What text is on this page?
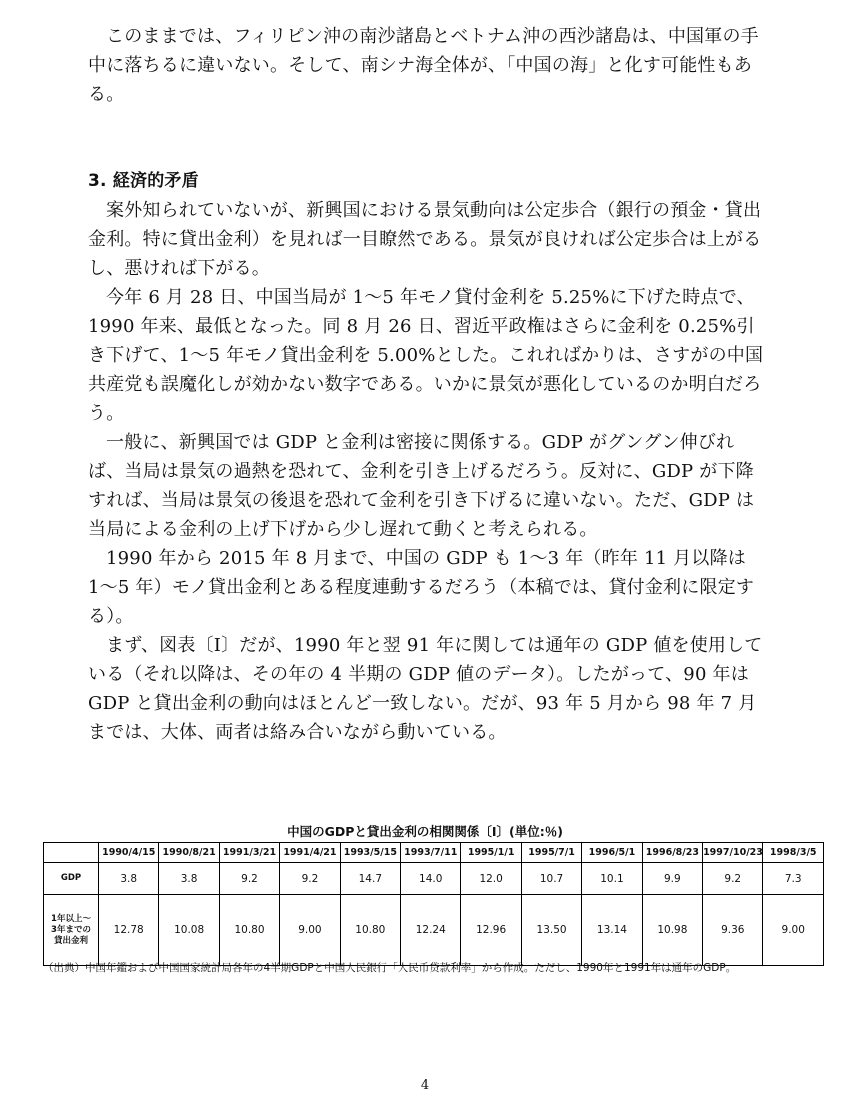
このままでは、フィリピン沖の南沙諸島とベトナム沖の西沙諸島は、中国軍の手中に落ちるに違いない。そして、南シナ海全体が、「中国の海」と化す可能性もある。

3. 経済的矛盾

案外知られていないが、新興国における景気動向は公定歩合（銀行の預金・貸出金利。特に貸出金利）を見れば一目瞭然である。景気が良ければ公定歩合は上がるし、悪ければ下がる。

今年 6 月 28 日、中国当局が 1〜5 年モノ貸付金利を 5.25%に下げた時点で、1990 年来、最低となった。同 8 月 26 日、習近平政権はさらに金利を 0.25%引き下げて、1〜5 年モノ貸出金利を 5.00%とした。これればかりは、さすがの中国共産党も誤魔化しが効かない数字である。いかに景気が悪化しているのか明白だろう。

一般に、新興国では GDP と金利は密接に関係する。GDP がグングン伸びれば、当局は景気の過熱を恐れて、金利を引き上げるだろう。反対に、GDP が下降すれば、当局は景気の後退を恐れて金利を引き下げるに違いない。ただ、GDP は当局による金利の上げ下げから少し遅れて動くと考えられる。

1990 年から 2015 年 8 月まで、中国の GDP も 1〜3 年（昨年 11 月以降は 1〜5 年）モノ貸出金利とある程度連動するだろう（本稿では、貸付金利に限定する）。

まず、図表〔Ⅰ〕だが、1990 年と翌 91 年に関しては通年の GDP 値を使用している（それ以降は、その年の 4 半期の GDP 値のデータ）。したがって、90 年は GDP と貸出金利の動向はほとんど一致しない。だが、93 年 5 月から 98 年 7 月までは、大体、両者は絡み合いながら動いている。

中国のGDPと貸出金利の相関関係〔Ⅰ〕(単位:％)
	1990/4/15	1990/8/21	1991/3/21	1991/4/21	1993/5/15	1993/7/11	1995/1/1	1995/7/1	1996/5/1	1996/8/23	1997/10/23	1998/3/5
GDP	3.8	3.8	9.2	9.2	14.7	14.0	12.0	10.7	10.1	9.9	9.2	7.3

1年以上〜
3年までの
貸出金利	12.78	10.08	10.80	9.00	10.80	12.24	12.96	13.50	13.14	10.98	9.36	9.00
（出典）中国年鑑および中国国家統計局各年の4半期GDPと中国人民銀行「人民币贷款利率」から作成。ただし、1990年と1991年は通年のGDP。
4
